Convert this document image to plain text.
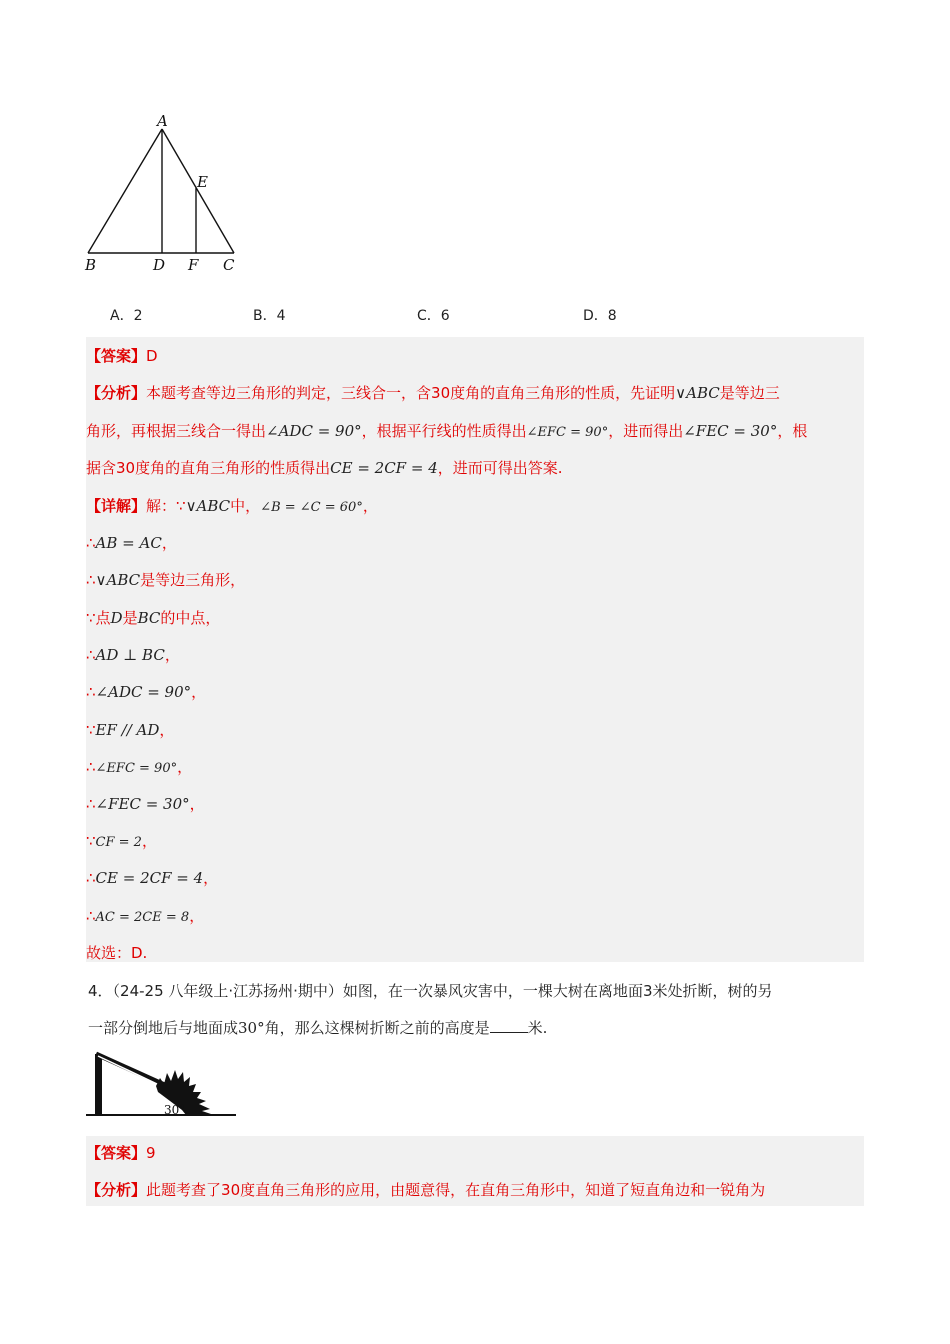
A
E
B	D F C
A．2	B．4	C．6	D．8
【答案】D
【分析】本题考查等边三角形的判定，三线合一，含30度角的直角三角形的性质，先证明∨ABC是等边三
角形，再根据三线合一得出∠ADC = 90°，根据平行线的性质得出∠EFC = 90°，进而得出∠FEC = 30°，根
据含30度角的直角三角形的性质得出CE = 2CF = 4，进而可得出答案.
【详解】解：∵∨ABC中，∠B = ∠C = 60°，
∴AB = AC，
∴∨ABC是等边三角形，
∵点D是BC的中点，
∴AD ⊥ BC，
∴∠ADC = 90°，
∵EF // AD，
∴∠EFC = 90°，
∴∠FEC = 30°，
∵CF = 2，
∴CE = 2CF = 4，
∴AC = 2CE = 8，
故选：D.
4．（24-25 八年级上·江苏扬州·期中）如图，在一次暴风灾害中，一棵大树在离地面3米处折断，树的另
一部分倒地后与地面成30°角，那么这棵树折断之前的高度是	米.
30°
【答案】9
【分析】此题考查了30度直角三角形的应用，由题意得，在直角三角形中，知道了短直角边和一锐角为
